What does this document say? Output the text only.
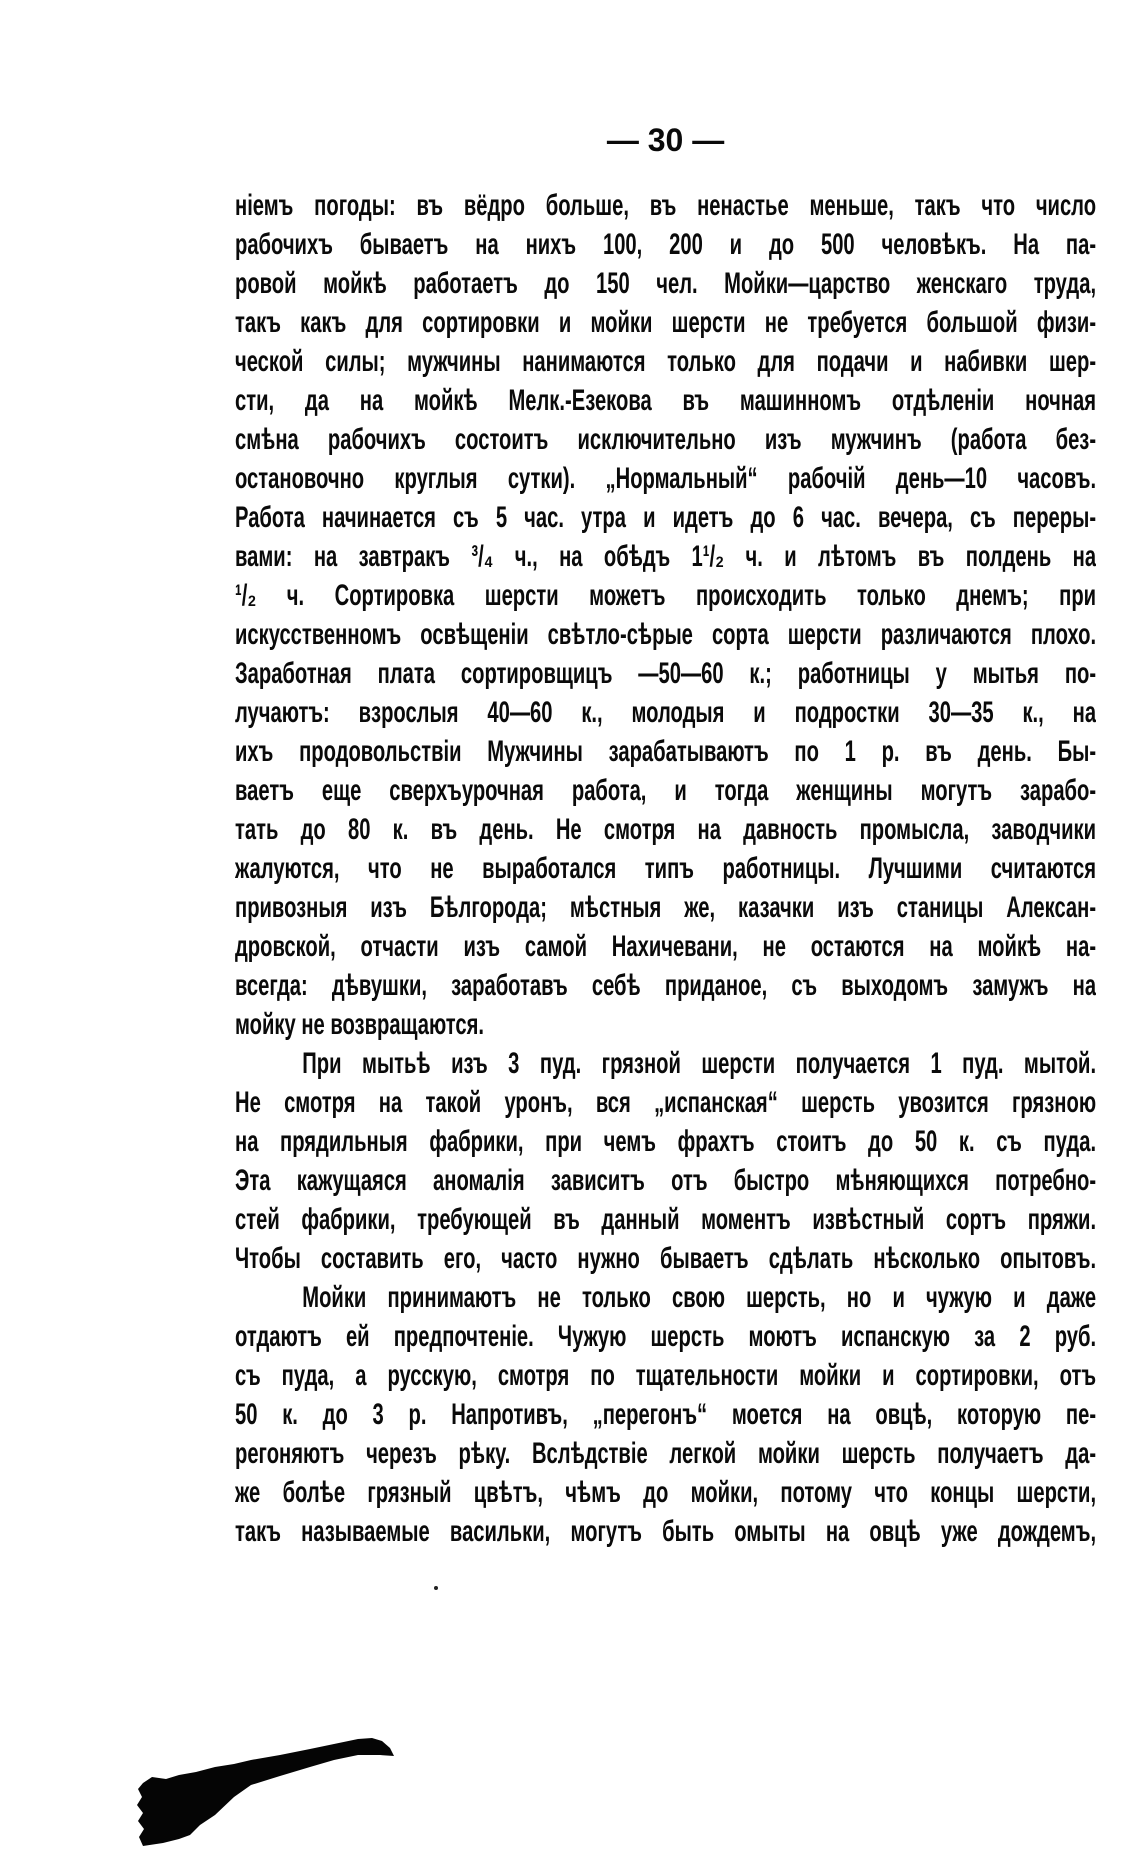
— 30 —
ніемъ погоды: въ вёдро больше, въ ненастье меньше, такъ что число
рабочихъ бываетъ на нихъ 100, 200 и до 500 человѣкъ. На па-
ровой мойкѣ работаетъ до 150 чел. Мойки—царство женскаго труда,
такъ какъ для сортировки и мойки шерсти не требуется большой физи-
ческой силы; мужчины нанимаются только для подачи и набивки шер-
сти, да на мойкѣ Мелк.-Езекова въ машинномъ отдѣленіи ночная
смѣна рабочихъ состоитъ исключительно изъ мужчинъ (работа без-
остановочно круглыя сутки). „Нормальный“ рабочій день—10 часовъ.
Работа начинается съ 5 час. утра и идетъ до 6 час. вечера, съ переры-
вами: на завтракъ ³/₄ ч., на обѣдъ 1¹/₂ ч. и лѣтомъ въ полдень на
¹/₂ ч. Сортировка шерсти можетъ происходить только днемъ; при
искусственномъ освѣщеніи свѣтло-сѣрые сорта шерсти различаются плохо.
Заработная плата сортировщицъ —50—60 к.; работницы у мытья по-
лучаютъ: взрослыя 40—60 к., молодыя и подростки 30—35 к., на
ихъ продовольствіи Мужчины зарабатываютъ по 1 р. въ день. Бы-
ваетъ еще сверхъурочная работа, и тогда женщины могутъ зарабо-
тать до 80 к. въ день. Не смотря на давность промысла, заводчики
жалуются, что не выработался типъ работницы. Лучшими считаются
привозныя изъ Бѣлгорода; мѣстныя же, казачки изъ станицы Алексан-
дровской, отчасти изъ самой Нахичевани, не остаются на мойкѣ на-
всегда: дѣвушки, заработавъ себѣ приданое, съ выходомъ замужъ на
мойку не возвращаются.
При мытьѣ изъ 3 пуд. грязной шерсти получается 1 пуд. мытой.
Не смотря на такой уронъ, вся „испанская“ шерсть увозится грязною
на прядильныя фабрики, при чемъ фрахтъ стоитъ до 50 к. съ пуда.
Эта кажущаяся аномалія зависитъ отъ быстро мѣняющихся потребно-
стей фабрики, требующей въ данный моментъ извѣстный сортъ пряжи.
Чтобы составить его, часто нужно бываетъ сдѣлать нѣсколько опытовъ.
Мойки принимаютъ не только свою шерсть, но и чужую и даже
отдаютъ ей предпочтеніе. Чужую шерсть моютъ испанскую за 2 руб.
съ пуда, а русскую, смотря по тщательности мойки и сортировки, отъ
50 к. до 3 р. Напротивъ, „перегонъ“ моется на овцѣ, которую пе-
регоняютъ черезъ рѣку. Вслѣдствіе легкой мойки шерсть получаетъ да-
же болѣе грязный цвѣтъ, чѣмъ до мойки, потому что концы шерсти,
такъ называемые васильки, могутъ быть омыты на овцѣ уже дождемъ,
